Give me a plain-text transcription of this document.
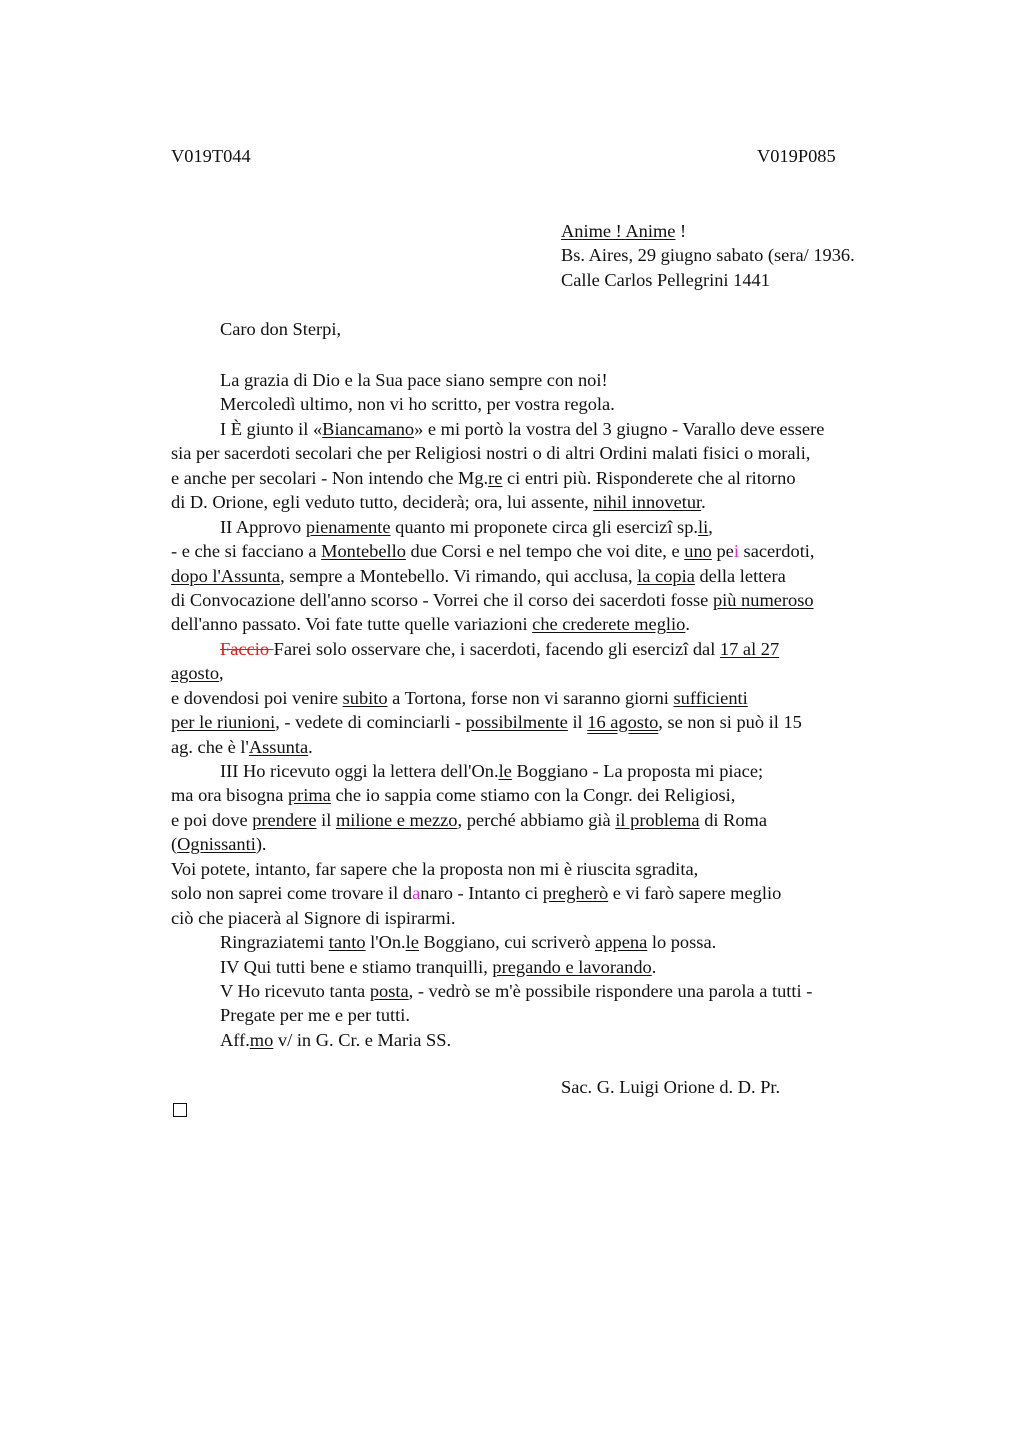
V019T044	V019P085
Anime ! Anime !
Bs. Aires, 29 giugno sabato (sera/ 1936.
Calle Carlos Pellegrini 1441
Caro don Sterpi,
La grazia di Dio e la Sua pace siano sempre con noi!
Mercoledì ultimo, non vi ho scritto, per vostra regola.
I È giunto il «Biancamano» e mi portò la vostra del 3 giugno - Varallo deve essere
sia per sacerdoti secolari che per Religiosi nostri o di altri Ordini malati fisici o morali,
e anche per secolari - Non intendo che Mg.re ci entri più. Risponderete che al ritorno
di D. Orione, egli veduto tutto, deciderà; ora, lui assente, nihil innovetur.
II Approvo pienamente quanto mi proponete circa gli esercizî sp.li,
- e che si facciano a Montebello due Corsi e nel tempo che voi dite, e uno pei sacerdoti,
dopo l'Assunta, sempre a Montebello. Vi rimando, qui acclusa, la copia della lettera
di Convocazione dell'anno scorso - Vorrei che il corso dei sacerdoti fosse più numeroso
dell'anno passato. Voi fate tutte quelle variazioni che crederete meglio.
Faccio Farei solo osservare che, i sacerdoti, facendo gli esercizî dal 17 al 27
agosto,
e dovendosi poi venire subito a Tortona, forse non vi saranno giorni sufficienti
per le riunioni, - vedete di cominciarli - possibilmente il 16 agosto, se non si può il 15
ag. che è l'Assunta.
III Ho ricevuto oggi la lettera dell'On.le Boggiano - La proposta mi piace;
ma ora bisogna prima che io sappia come stiamo con la Congr. dei Religiosi,
e poi dove prendere il milione e mezzo, perché abbiamo già il problema di Roma
(Ognissanti).
Voi potete, intanto, far sapere che la proposta non mi è riuscita sgradita,
solo non saprei come trovare il danaro - Intanto ci pregherò e vi farò sapere meglio
ciò che piacerà al Signore di ispirarmi.
Ringraziatemi tanto l'On.le Boggiano, cui scriverò appena lo possa.
IV Qui tutti bene e stiamo tranquilli, pregando e lavorando.
V Ho ricevuto tanta posta, - vedrò se m'è possibile rispondere una parola a tutti -
Pregate per me e per tutti.
Aff.mo v/ in G. Cr. e Maria SS.
Sac. G. Luigi Orione d. D. Pr.
